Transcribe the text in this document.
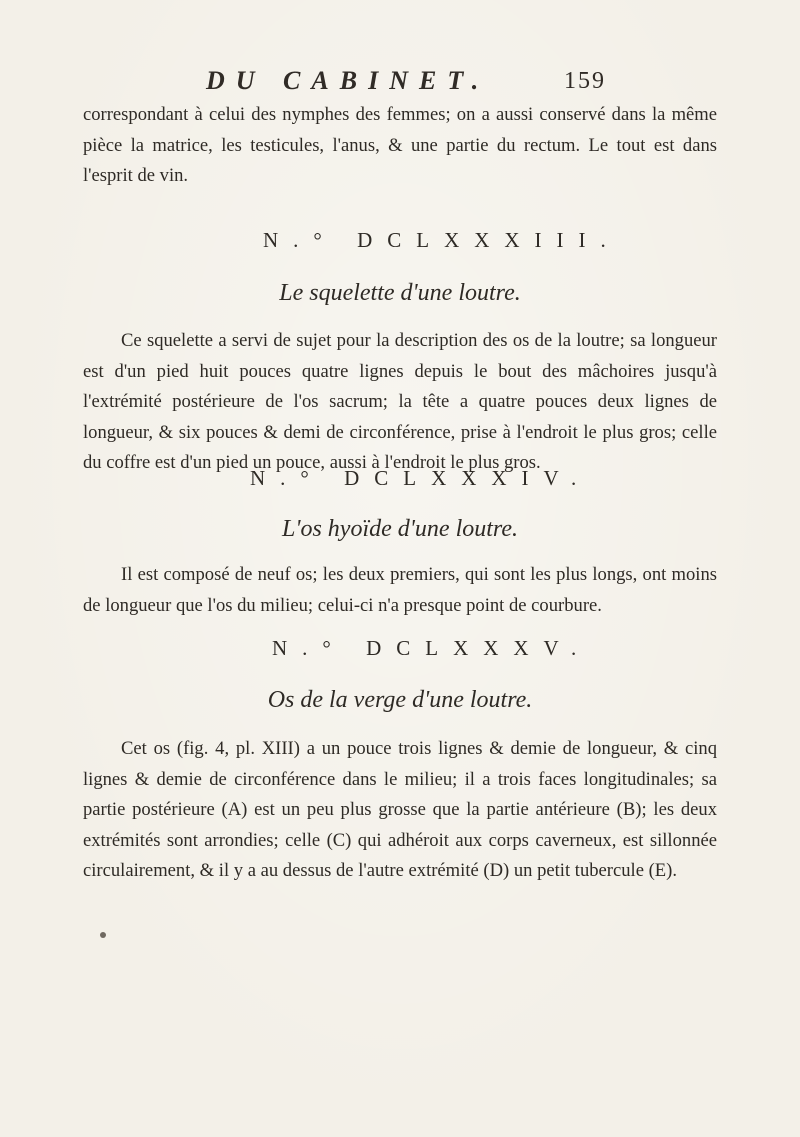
DU CABINET.	159
correspondant à celui des nymphes des femmes; on a aussi conservé dans la même pièce la matrice, les testicules, l'anus, & une partie du rectum. Le tout est dans l'esprit de vin.
N.° DCLXXXIII.
Le squelette d'une loutre.
Ce squelette a servi de sujet pour la description des os de la loutre; sa longueur est d'un pied huit pouces quatre lignes depuis le bout des mâchoires jusqu'à l'extrémité postérieure de l'os sacrum; la tête a quatre pouces deux lignes de longueur, & six pouces & demi de circonférence, prise à l'endroit le plus gros; celle du coffre est d'un pied un pouce, aussi à l'endroit le plus gros.
N.° DCLXXXIV.
L'os hyoïde d'une loutre.
Il est composé de neuf os; les deux premiers, qui sont les plus longs, ont moins de longueur que l'os du milieu; celui-ci n'a presque point de courbure.
N.° DCLXXXV.
Os de la verge d'une loutre.
Cet os (fig. 4, pl. XIII) a un pouce trois lignes & demie de longueur, & cinq lignes & demie de circonférence dans le milieu; il a trois faces longitudinales; sa partie postérieure (A) est un peu plus grosse que la partie antérieure (B); les deux extrémités sont arrondies; celle (C) qui adhéroit aux corps caverneux, est sillonnée circulairement, & il y a au dessus de l'autre extrémité (D) un petit tubercule (E).
